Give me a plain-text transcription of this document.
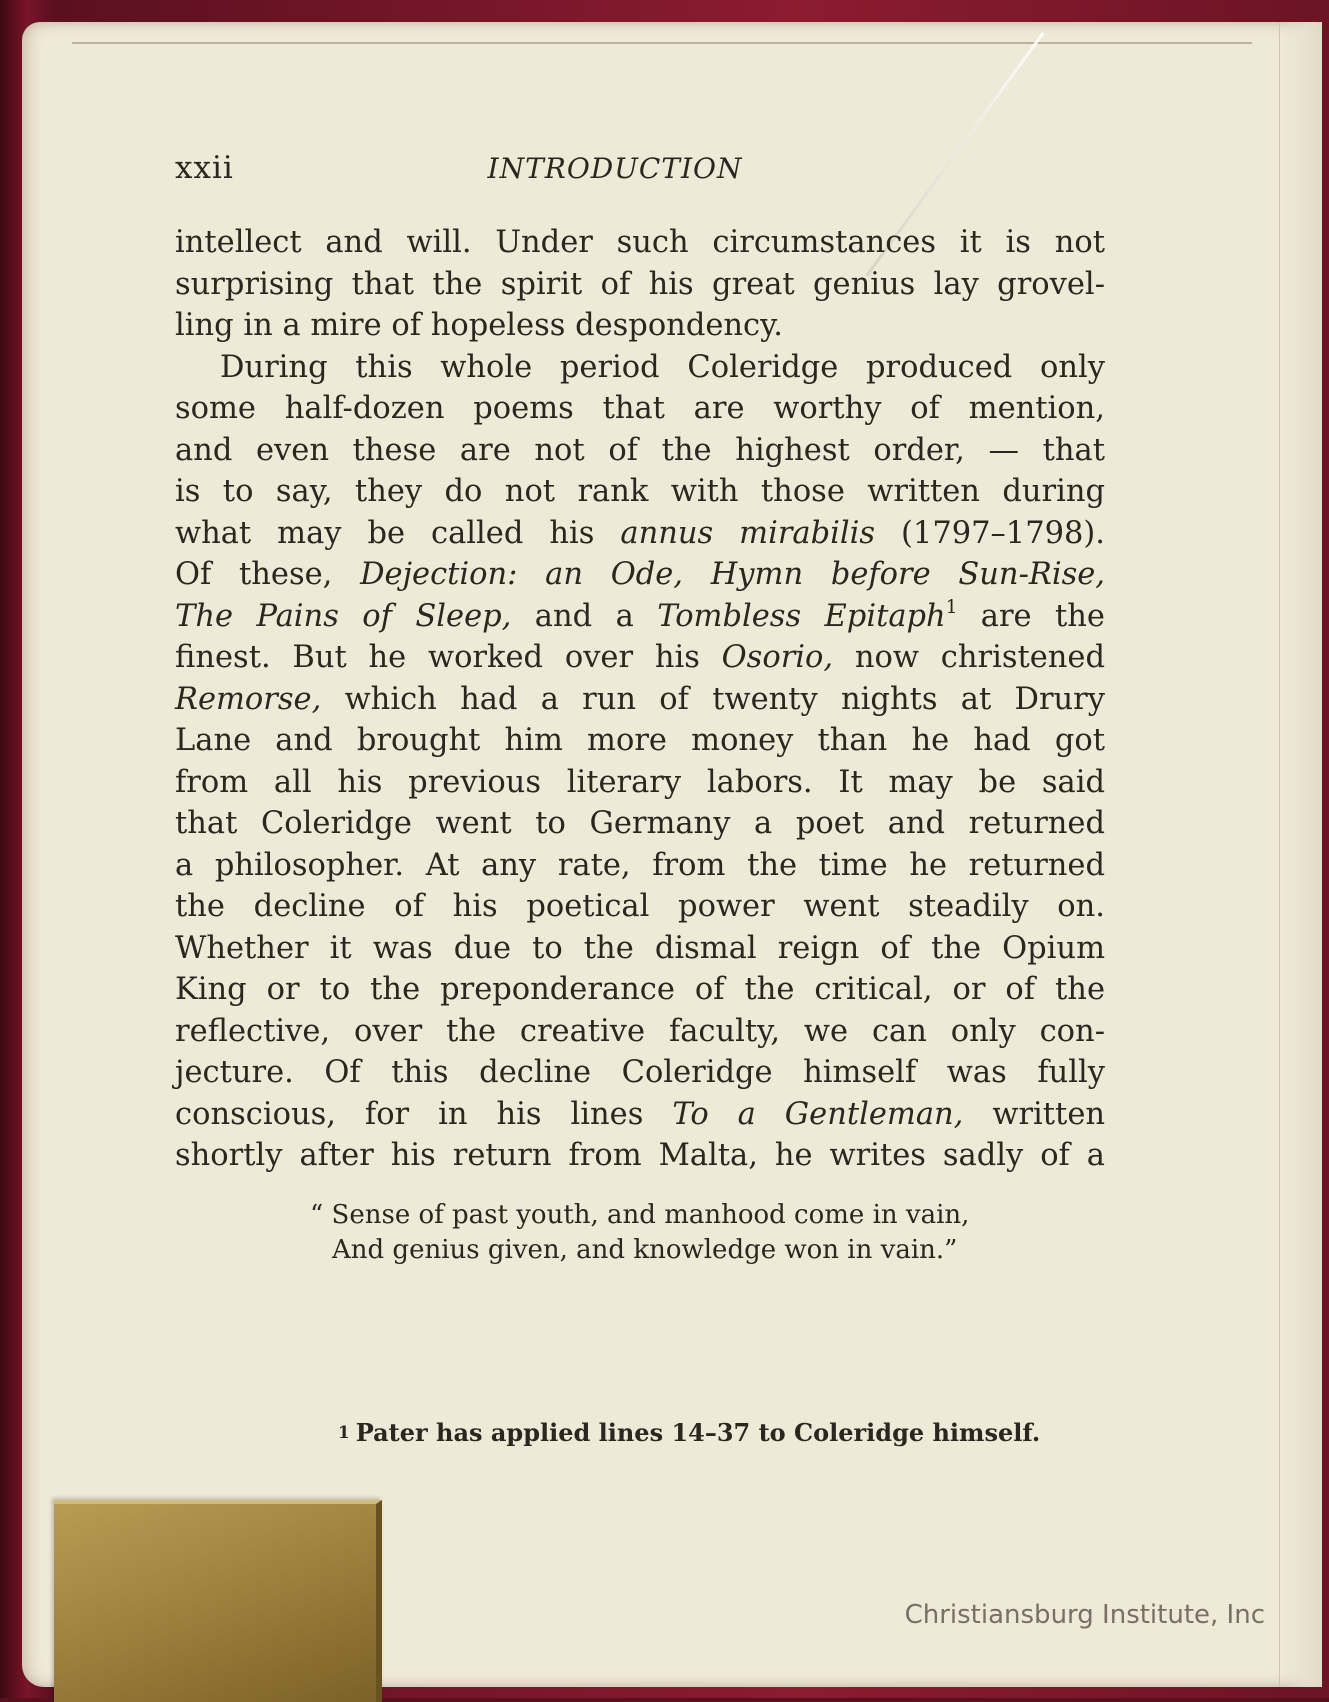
xxii	INTRODUCTION
intellect and will. Under such circumstances it is not
surprising that the spirit of his great genius lay grovel-
ling in a mire of hopeless despondency.
During this whole period Coleridge produced only
some half-dozen poems that are worthy of mention,
and even these are not of the highest order, — that
is to say, they do not rank with those written during
what may be called his annus mirabilis (1797–1798).
Of these, Dejection: an Ode, Hymn before Sun-Rise,
The Pains of Sleep, and a Tombless Epitaph$^1$ are the
finest. But he worked over his Osorio, now christened
Remorse, which had a run of twenty nights at Drury
Lane and brought him more money than he had got
from all his previous literary labors. It may be said
that Coleridge went to Germany a poet and returned
a philosopher. At any rate, from the time he returned
the decline of his poetical power went steadily on.
Whether it was due to the dismal reign of the Opium
King or to the preponderance of the critical, or of the
reflective, over the creative faculty, we can only con-
jecture. Of this decline Coleridge himself was fully
conscious, for in his lines To a Gentleman, written
shortly after his return from Malta, he writes sadly of a
“ Sense of past youth, and manhood come in vain,
And genius given, and knowledge won in vain.”
$^1$ Pater has applied lines 14–37 to Coleridge himself.
Christiansburg Institute, Inc
